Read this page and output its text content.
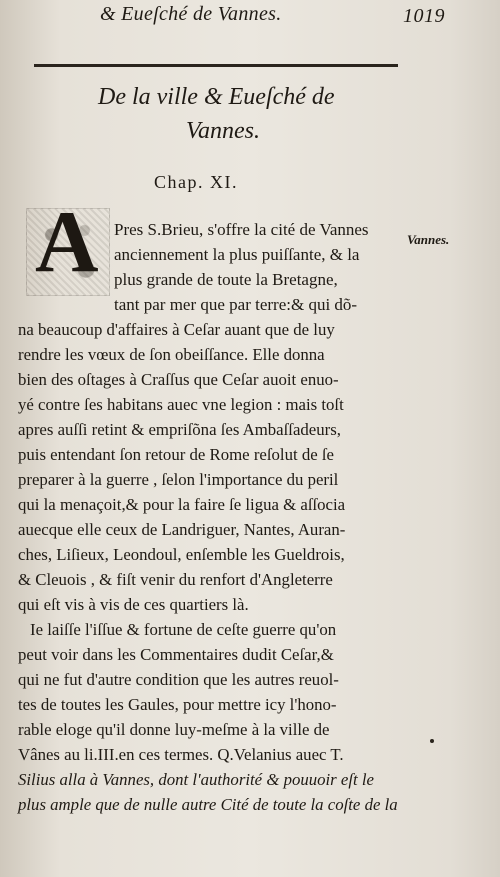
& Eueſché de Vannes.	1019
De la ville & Eueſché de
Vannes.
Chap. XI.
A	Vannes.
Pres S.Brieu, s'offre la cité de Vannes
anciennement la plus puiſſante, & la
plus grande de toute la Bretagne,
tant par mer que par terre:& qui dõ-
na beaucoup d'affaires à Ceſar auant que de luy
rendre les vœux de ſon obeiſſance. Elle donna
bien des oſtages à Craſſus que Ceſar auoit enuo-
yé contre ſes habitans auec vne legion : mais toſt
apres auſſi retint & empriſõna ſes Ambaſſadeurs,
puis entendant ſon retour de Rome reſolut de ſe
preparer à la guerre , ſelon l'importance du peril
qui la menaçoit,& pour la faire ſe ligua & aſſocia
auecque elle ceux de Landriguer, Nantes, Auran-
ches, Liſieux, Leondoul, enſemble les Gueldrois,
& Cleuois , & fiſt venir du renfort d'Angleterre
qui eſt vis à vis de ces quartiers là.
Ie laiſſe l'iſſue & fortune de ceſte guerre qu'on
peut voir dans les Commentaires dudit Ceſar,&
qui ne fut d'autre condition que les autres reuol-
tes de toutes les Gaules, pour mettre icy l'hono-
rable eloge qu'il donne luy-meſme à la ville de
Vânes au li.III.en ces termes. Q.Velanius auec T.
Silius alla à Vannes, dont l'authorité & pouuoir eſt le
plus ample que de nulle autre Cité de toute la coſte de la
